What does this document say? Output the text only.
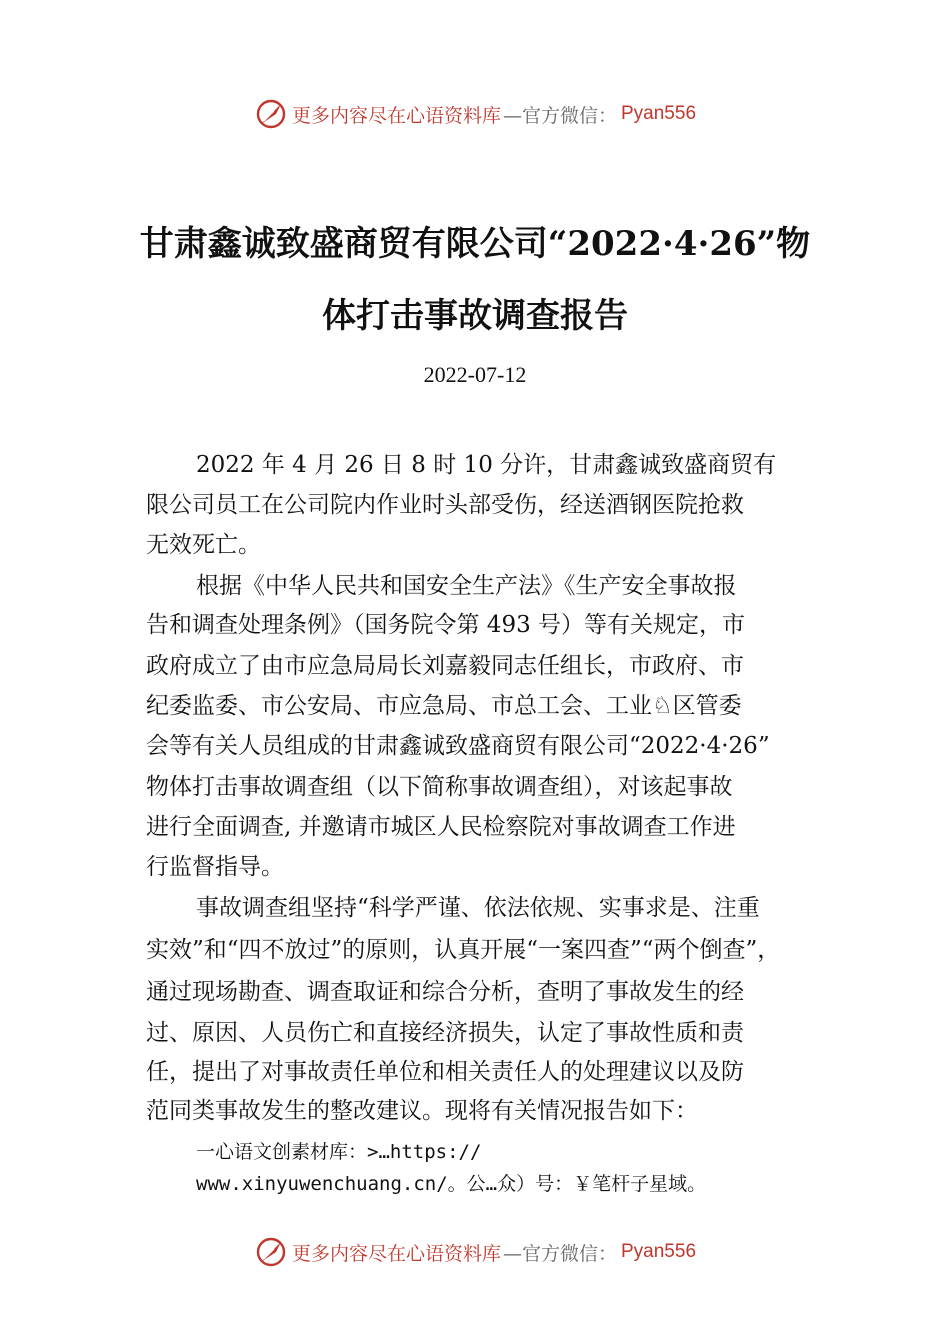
更多内容尽在心语资料库 —官方微信： Pyan556
甘肃鑫诚致盛商贸有限公司“2022·4·26”物
体打击事故调查报告
2022-07-12
2022 年 4 月 26 日 8 时 10 分许，甘肃鑫诚致盛商贸有
限公司员工在公司院内作业时头部受伤，经送酒钢医院抢救
无效死亡。
根据《中华人民共和国安全生产法》《生产安全事故报
告和调查处理条例》（国务院令第 493 号）等有关规定，市
政府成立了由市应急局局长刘嘉毅同志任组长，市政府、市
纪委监委、市公安局、市应急局、市总工会、工业♘区管委
会等有关人员组成的甘肃鑫诚致盛商贸有限公司“2022·4·26”
物体打击事故调查组（以下简称事故调查组），对该起事故
进行全面调查, 并邀请市城区人民检察院对事故调查工作进
行监督指导。
事故调查组坚持“科学严谨、依法依规、实事求是、注重
实效”和“四不放过”的原则，认真开展“一案四查”“两个倒查”，
通过现场勘查、调查取证和综合分析，查明了事故发生的经
过、原因、人员伤亡和直接经济损失，认定了事故性质和责
任，提出了对事故责任单位和相关责任人的处理建议以及防
范同类事故发生的整改建议。现将有关情况报告如下：
一心语文创素材库：>…https://
www.xinyuwenchuang.cn/。公…众）号：￥笔杆子星域。
更多内容尽在心语资料库 —官方微信： Pyan556
